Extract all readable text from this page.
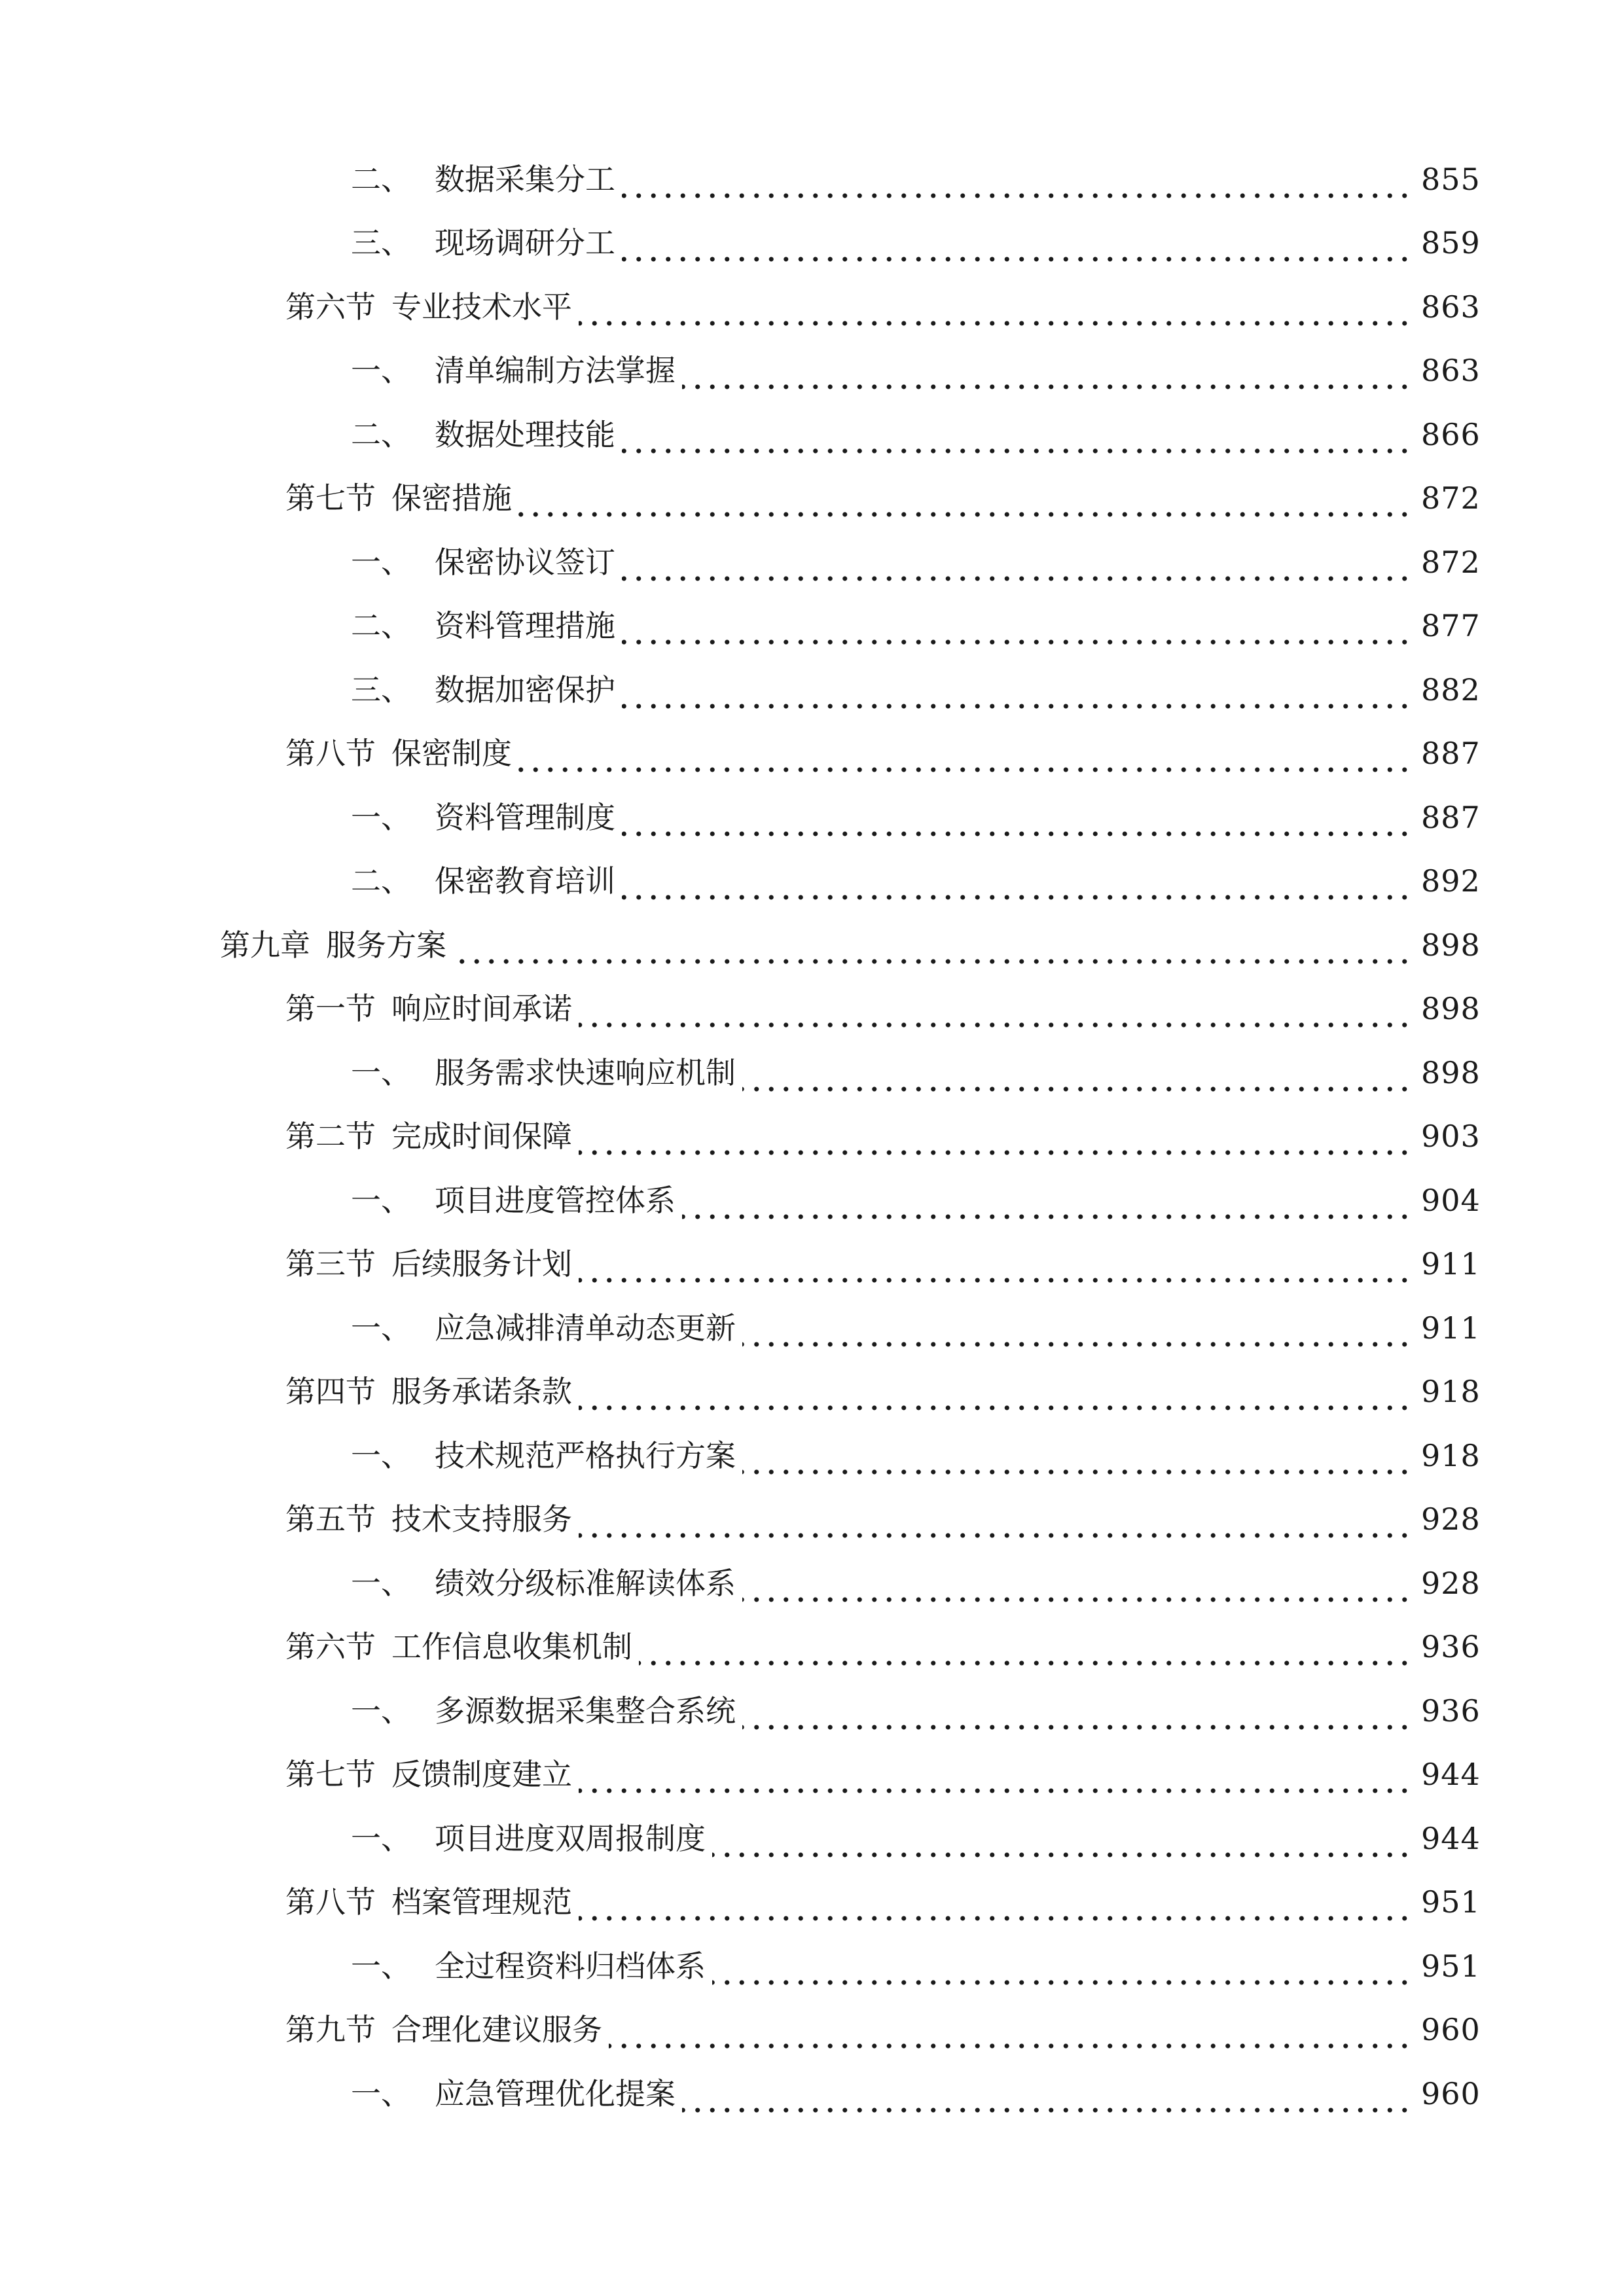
二、 数据采集分工	855
三、 现场调研分工	859
第六节 专业技术水平	863
一、 清单编制方法掌握	863
二、 数据处理技能	866
第七节 保密措施	872
一、 保密协议签订	872
二、 资料管理措施	877
三、 数据加密保护	882
第八节 保密制度	887
一、 资料管理制度	887
二、 保密教育培训	892
第九章 服务方案	898
第一节 响应时间承诺	898
一、 服务需求快速响应机制	898
第二节 完成时间保障	903
一、 项目进度管控体系	904
第三节 后续服务计划	911
一、 应急减排清单动态更新	911
第四节 服务承诺条款	918
一、 技术规范严格执行方案	918
第五节 技术支持服务	928
一、 绩效分级标准解读体系	928
第六节 工作信息收集机制	936
一、 多源数据采集整合系统	936
第七节 反馈制度建立	944
一、 项目进度双周报制度	944
第八节 档案管理规范	951
一、 全过程资料归档体系	951
第九节 合理化建议服务	960
一、 应急管理优化提案	960
